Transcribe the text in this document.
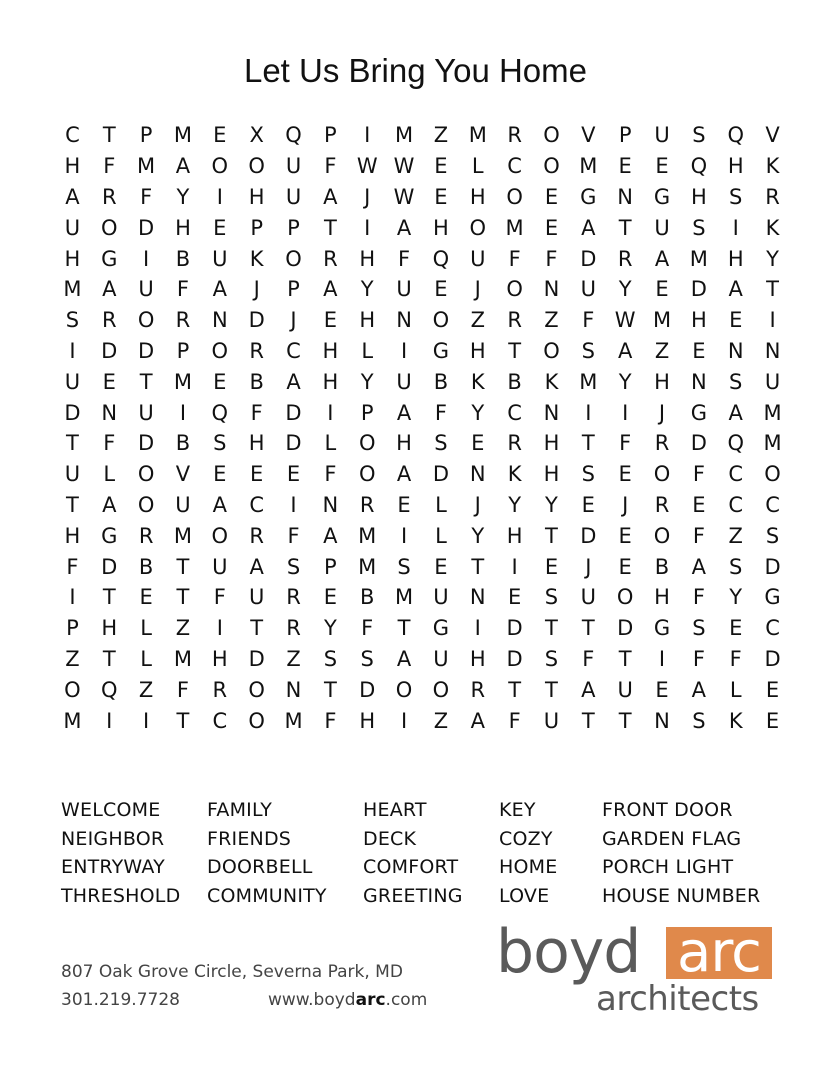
Let Us Bring You Home
C	T	P	M	E	X	Q	P	I	M Z M R	O	V	P	U	S	Q	V
H	F	M A	O O U	F W W E	L	C	O M	E	E	Q H	K
A	R	F	Y	I	H	U	A	J	W E	H O	E	G N G H	S	R
U O D H	E	P	P	T	I	A	H O M	E	A	T	U	S	I	K
H G	I	B	U	K	O	R	H	F	Q U	F	F	D	R	A M H	Y
M A	U	F	A	J	P	A	Y	U	E	J	O N	U	Y	E	D	A	T
S	R	O	R	N D	J	E	H	N O	Z	R	Z	F W M H	E	I
I	D D	P	O	R	C	H	L	I	G H	T	O	S	A	Z	E	N	N
U	E	T	M	E	B	A	H	Y	U	B	K	B	K M	Y	H	N	S	U
D N	U	I	Q	F	D	I	P	A	F	Y	C	N	I	I	J	G	A M
T	F	D	B	S	H D	L	O H	S	E	R	H	T	F	R	D Q M
U	L	O	V	E	E	E	F	O	A	D N	K	H	S	E	O	F	C	O
T	A	O U	A	C	I	N	R	E	L	J	Y	Y	E	J	R	E	C	C
H G	R M O	R	F	A M	I	L	Y	H	T	D	E	O	F	Z	S
F	D	B	T	U	A	S	P	M	S	E	T	I	E	J	E	B	A	S	D
I	T	E	T	F	U	R	E	B M U	N	E	S	U O H	F	Y	G
P	H	L	Z	I	T	R	Y	F	T	G	I	D	T	T	D G	S	E	C
Z	T	L	M H D	Z	S	S	A	U	H D	S	F	T	I	F	F	D
O Q	Z	F	R	O N	T	D O O	R	T	T	A	U	E	A	L	E
M	I	I	T	C	O M	F	H	I	Z	A	F	U	T	T	N	S	K	E
WELCOME
NEIGHBOR
ENTRYWAY
THRESHOLD
FAMILY
FRIENDS
DOORBELL
COMMUNITY
HEART
DECK
COMFORT
GREETING
KEY
COZY
HOME
LOVE
FRONT DOOR
GARDEN FLAG
PORCH LIGHT
HOUSE NUMBER
807 Oak Grove Circle, Severna Park, MD
301.219.7728	www.boydarc.com
boyd arc
architects
